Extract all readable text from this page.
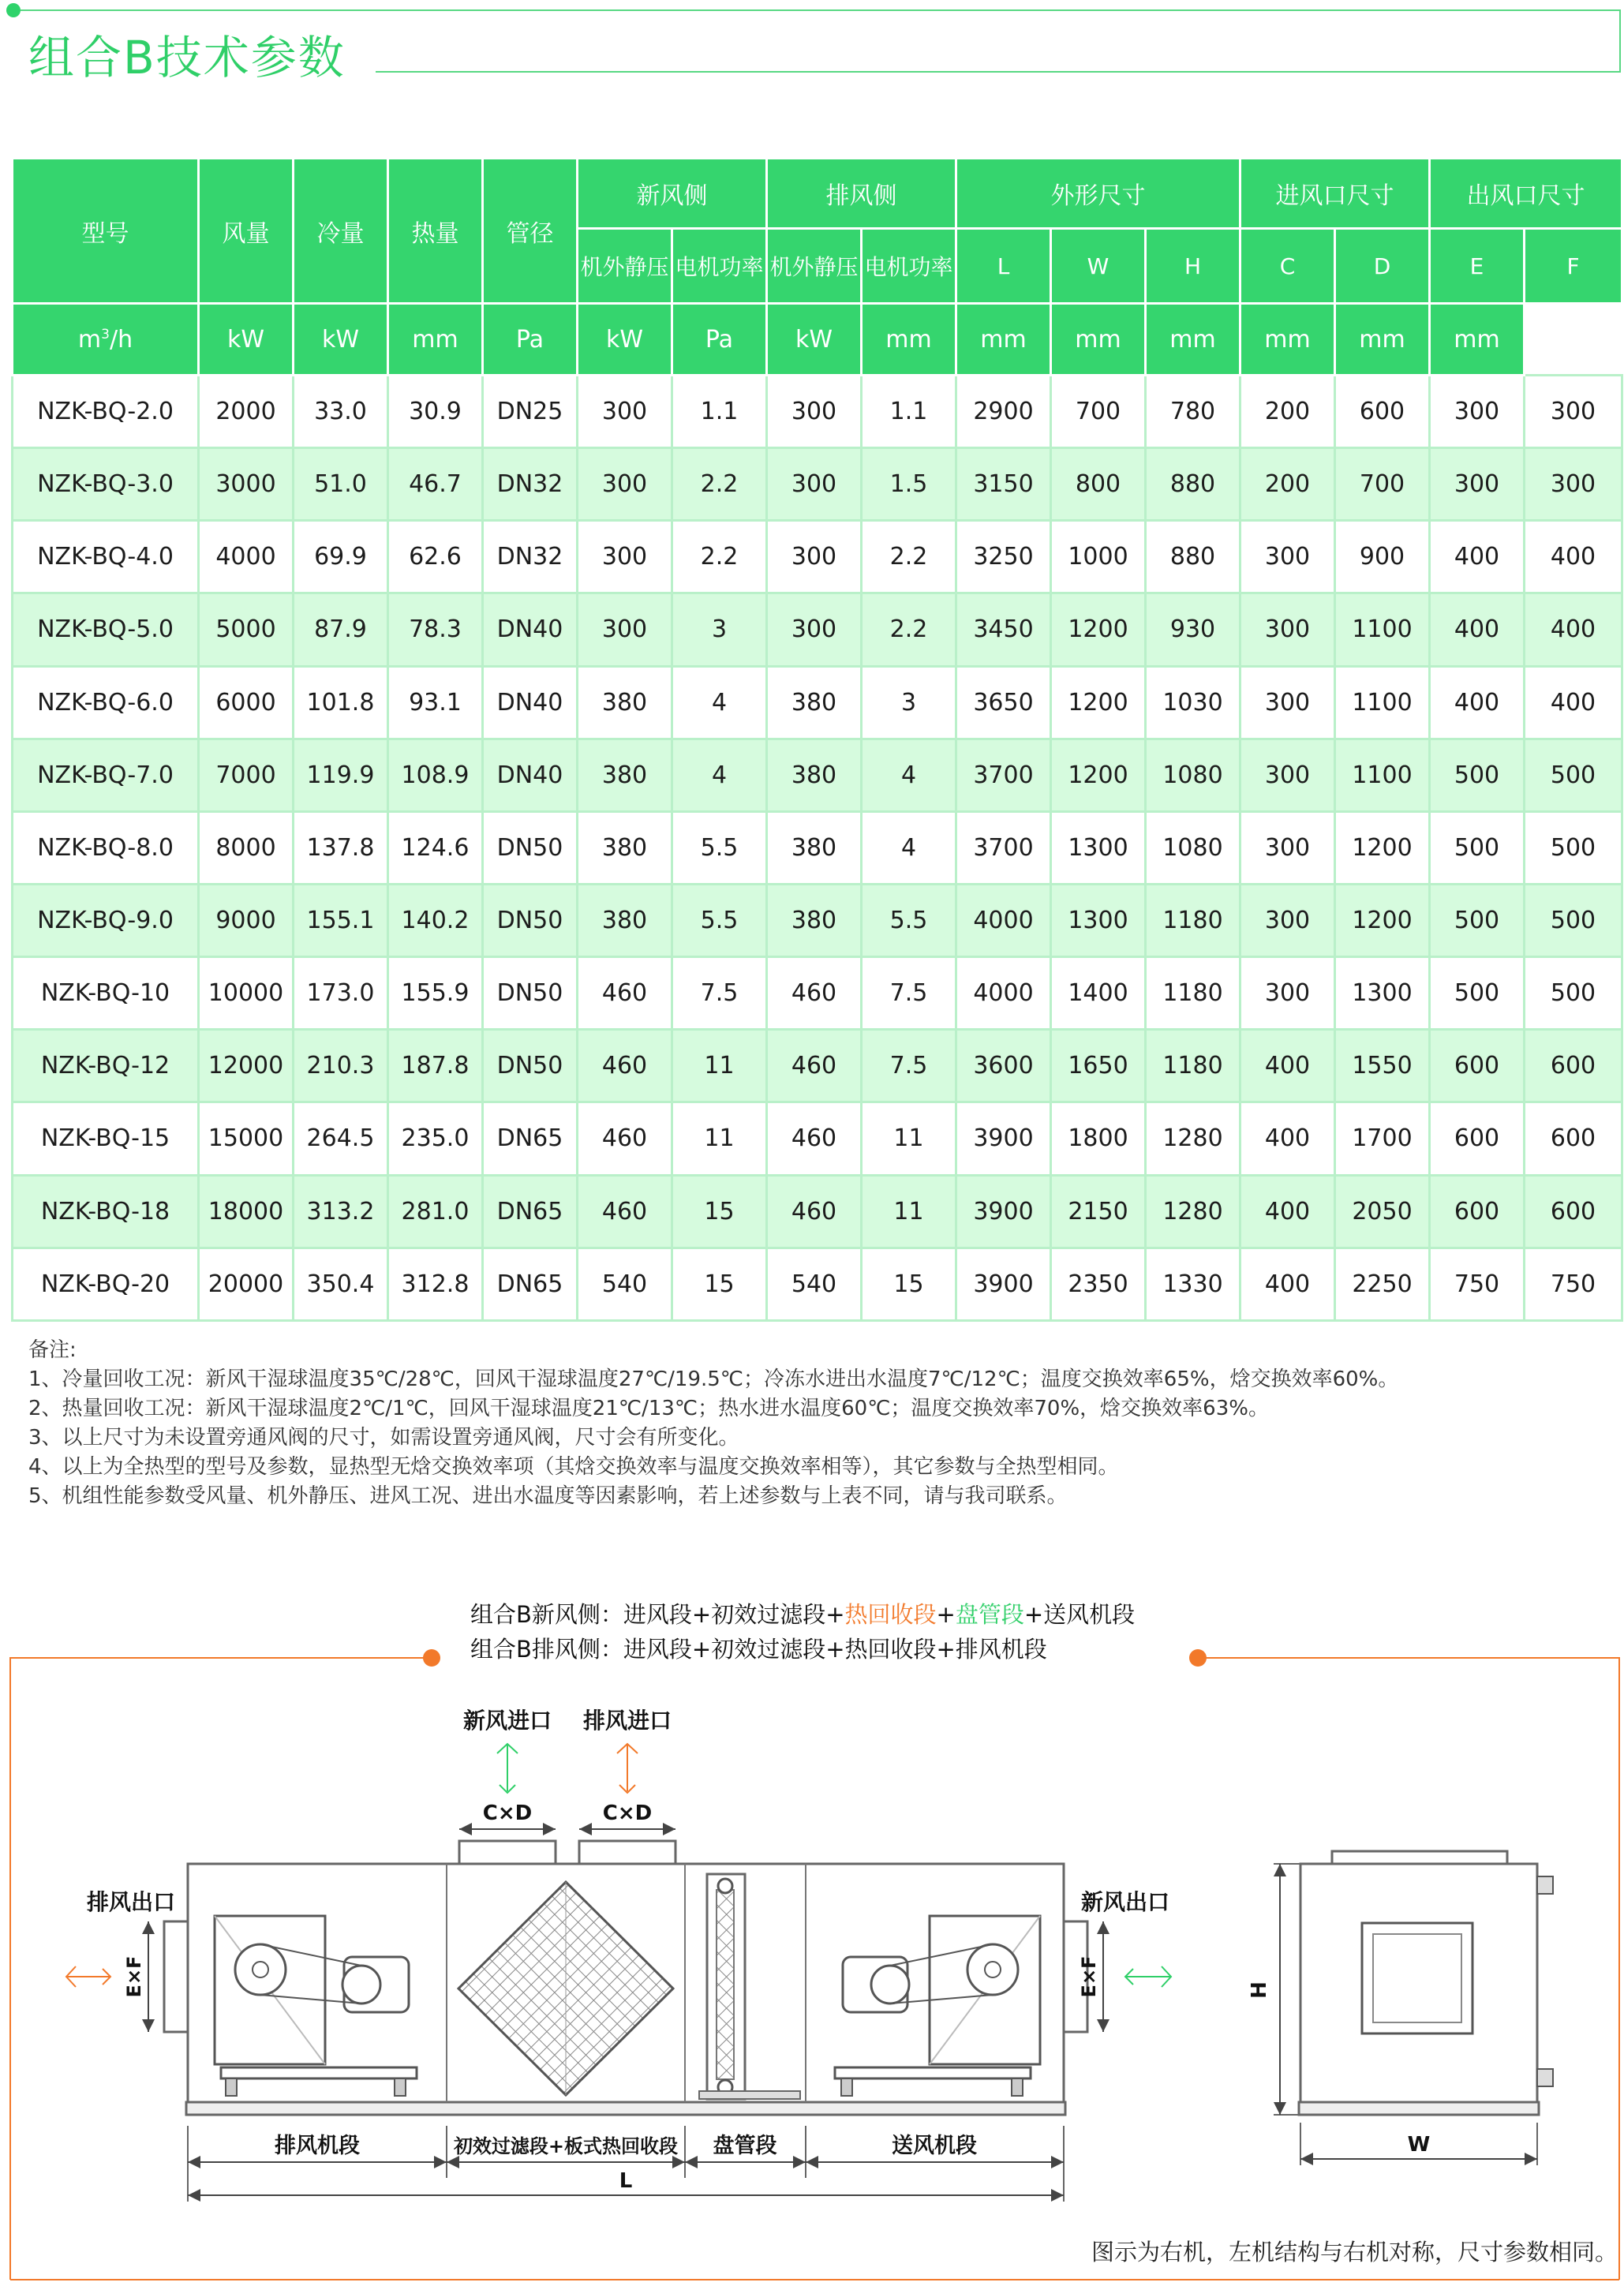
组合B技术参数
型号	风量	冷量	热量	管径	新风侧		排风侧		外形尺寸			进风口尺寸		出风口尺寸	
					机外静压	电机功率	机外静压	电机功率	L	W	H	C	D	E	F
$m^3/h$	kW	kW	mm	Pa	kW	Pa	kW	mm	mm	mm	mm	mm	mm	mm	
NZK-BQ-2.0	2000	33.0	30.9	DN25	300	1.1	300	1.1	2900	700	780	200	600	300	300
NZK-BQ-3.0	3000	51.0	46.7	DN32	300	2.2	300	1.5	3150	800	880	200	700	300	300
NZK-BQ-4.0	4000	69.9	62.6	DN32	300	2.2	300	2.2	3250	1000	880	300	900	400	400
NZK-BQ-5.0	5000	87.9	78.3	DN40	300	3	300	2.2	3450	1200	930	300	1100	400	400
NZK-BQ-6.0	6000	101.8	93.1	DN40	380	4	380	3	3650	1200	1030	300	1100	400	400
NZK-BQ-7.0	7000	119.9	108.9	DN40	380	4	380	4	3700	1200	1080	300	1100	500	500
NZK-BQ-8.0	8000	137.8	124.6	DN50	380	5.5	380	4	3700	1300	1080	300	1200	500	500
NZK-BQ-9.0	9000	155.1	140.2	DN50	380	5.5	380	5.5	4000	1300	1180	300	1200	500	500
NZK-BQ-10	10000	173.0	155.9	DN50	460	7.5	460	7.5	4000	1400	1180	300	1300	500	500
NZK-BQ-12	12000	210.3	187.8	DN50	460	11	460	7.5	3600	1650	1180	400	1550	600	600
NZK-BQ-15	15000	264.5	235.0	DN65	460	11	460	11	3900	1800	1280	400	1700	600	600
NZK-BQ-18	18000	313.2	281.0	DN65	460	15	460	11	3900	2150	1280	400	2050	600	600
NZK-BQ-20	20000	350.4	312.8	DN65	540	15	540	15	3900	2350	1330	400	2250	750	750
备注:
1、冷量回收工况：新风干湿球温度35℃/28℃，回风干湿球温度27℃/19.5℃；冷冻水进出水温度7℃/12℃；温度交换效率65%，焓交换效率60%。
2、热量回收工况：新风干湿球温度2℃/1℃，回风干湿球温度21℃/13℃；热水进水温度60℃；温度交换效率70%，焓交换效率63%。
3、以上尺寸为未设置旁通风阀的尺寸，如需设置旁通风阀，尺寸会有所变化。
4、以上为全热型的型号及参数，显热型无焓交换效率项（其焓交换效率与温度交换效率相等），其它参数与全热型相同。
5、机组性能参数受风量、机外静压、进风工况、进出水温度等因素影响，若上述参数与上表不同，请与我司联系。
组合B新风侧：进风段+初效过滤段+热回收段+盘管段+送风机段
组合B排风侧：进风段+初效过滤段+热回收段+排风机段
E×F	E×F
C×D	C×D
新风进口 排风进口
排风出口	新风出口
排风机段	初效过滤段+板式热回收段 盘管段	送风机段
L
H
W
图示为右机，左机结构与右机对称，尺寸参数相同。
